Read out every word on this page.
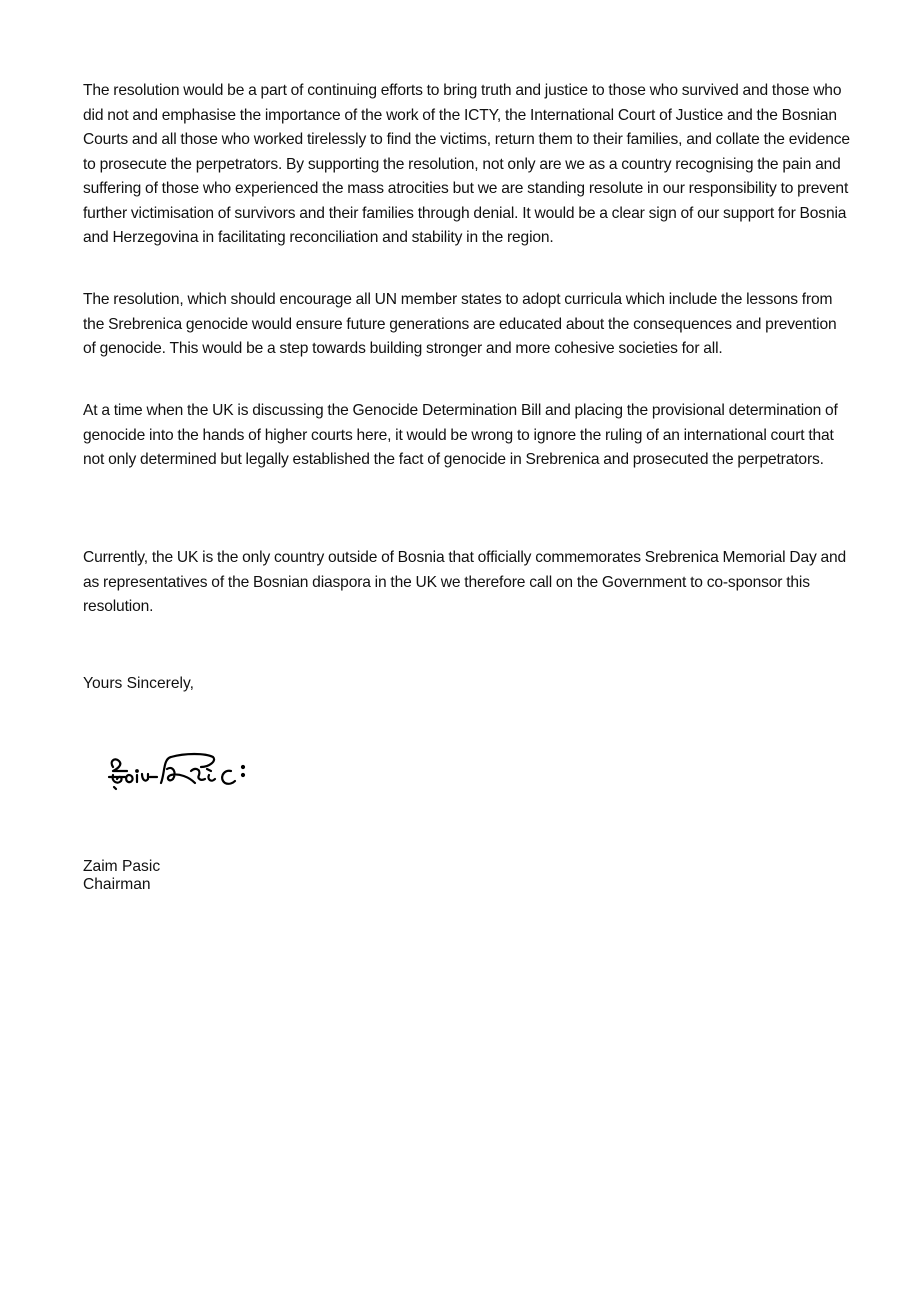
The resolution would be a part of continuing efforts to bring truth and justice to those who survived and those who did not and emphasise the importance of the work of the ICTY, the International Court of Justice and the Bosnian Courts and all those who worked tirelessly to find the victims, return them to their families, and collate the evidence to prosecute the perpetrators. By supporting the resolution, not only are we as a country recognising the pain and suffering of those who experienced the mass atrocities but we are standing resolute in our responsibility to prevent further victimisation of survivors and their families through denial. It would be a clear sign of our support for Bosnia and Herzegovina in facilitating reconciliation and stability in the region.

The resolution, which should encourage all UN member states to adopt curricula which include the lessons from the Srebrenica genocide would ensure future generations are educated about the consequences and prevention of genocide. This would be a step towards building stronger and more cohesive societies for all.

At a time when the UK is discussing the Genocide Determination Bill and placing the provisional determination of genocide into the hands of higher courts here, it would be wrong to ignore the ruling of an international court that not only determined but legally established the fact of genocide in Srebrenica and prosecuted the perpetrators.

Currently, the UK is the only country outside of Bosnia that officially commemorates Srebrenica Memorial Day and as representatives of the Bosnian diaspora in the UK we therefore call on the Government to co-sponsor this resolution.

Yours Sincerely,

Zaim Pasic
Chairman
